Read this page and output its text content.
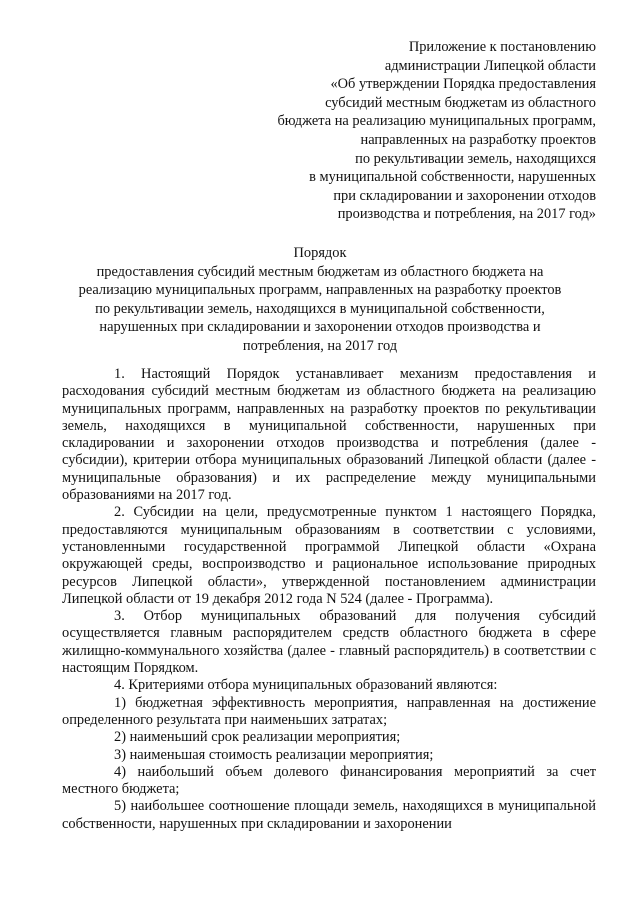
Приложение к постановлению
администрации Липецкой области
«Об утверждении Порядка предоставления
субсидий местным бюджетам из областного
бюджета на реализацию муниципальных программ,
направленных на разработку проектов
по рекультивации земель, находящихся
в муниципальной собственности, нарушенных
при складировании и захоронении отходов
производства и потребления, на 2017 год»
Порядок
предоставления субсидий местным бюджетам из областного бюджета на
реализацию муниципальных программ, направленных на разработку проектов
по рекультивации земель, находящихся в муниципальной собственности,
нарушенных при складировании и захоронении отходов производства и
потребления, на 2017 год

1. Настоящий Порядок устанавливает механизм предоставления и расходования субсидий местным бюджетам из областного бюджета на реализацию муниципальных программ, направленных на разработку проектов по рекультивации земель, находящихся в муниципальной собственности, нарушенных при складировании и захоронении отходов производства и потребления (далее - субсидии), критерии отбора муниципальных образований Липецкой области (далее - муниципальные образования) и их распределение между муниципальными образованиями на 2017 год.

2. Субсидии на цели, предусмотренные пунктом 1 настоящего Порядка, предоставляются муниципальным образованиям в соответствии с условиями, установленными государственной программой Липецкой области «Охрана окружающей среды, воспроизводство и рациональное использование природных ресурсов Липецкой области», утвержденной постановлением администрации Липецкой области от 19 декабря 2012 года N 524 (далее - Программа).

3. Отбор муниципальных образований для получения субсидий осуществляется главным распорядителем средств областного бюджета в сфере жилищно-коммунального хозяйства (далее - главный распорядитель) в соответствии с настоящим Порядком.

4. Критериями отбора муниципальных образований являются:

1) бюджетная эффективность мероприятия, направленная на достижение определенного результата при наименьших затратах;

2) наименьший срок реализации мероприятия;

3) наименьшая стоимость реализации мероприятия;

4) наибольший объем долевого финансирования мероприятий за счет местного бюджета;

5) наибольшее соотношение площади земель, находящихся в муниципальной собственности, нарушенных при складировании и захоронении
